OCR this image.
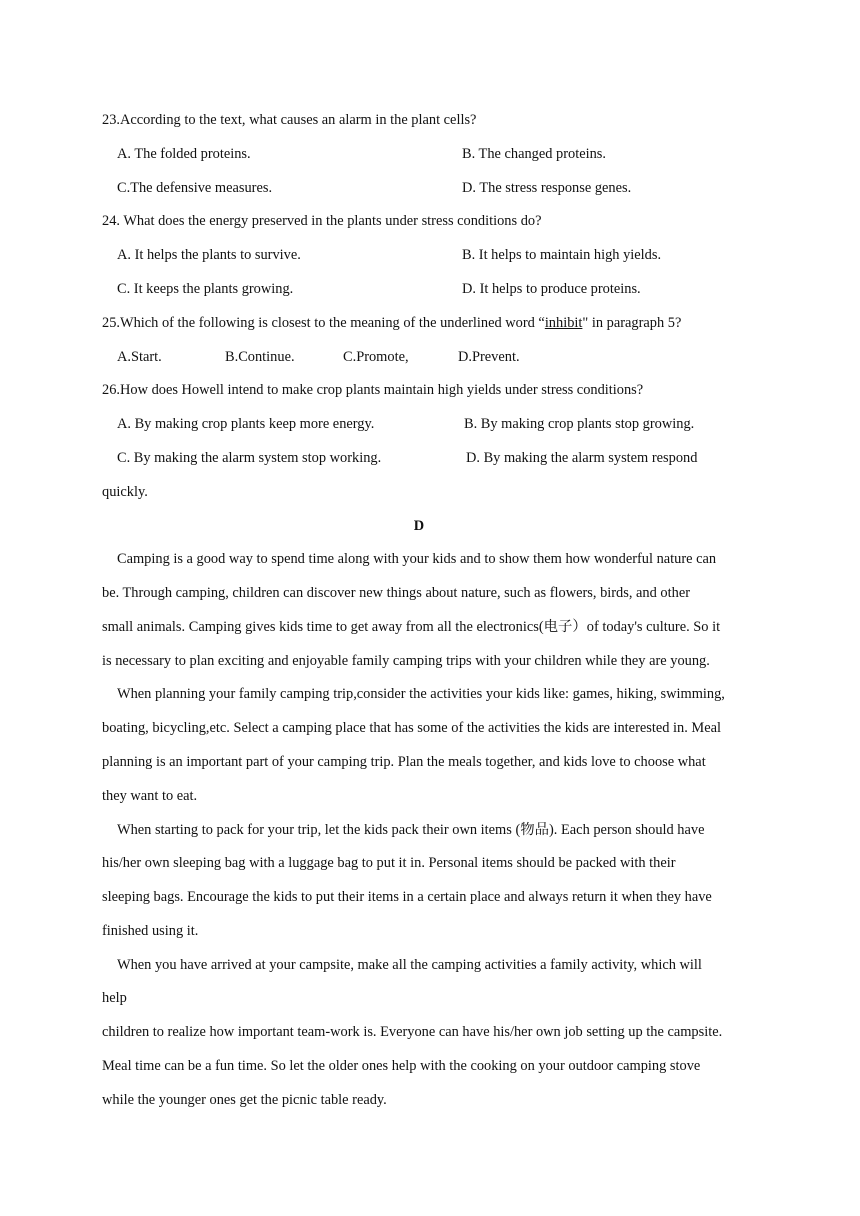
23.According to the text, what causes an alarm in the plant cells?
A. The folded proteins.	B. The changed proteins.
C.The defensive measures.	D. The stress response genes.
24. What does the energy preserved in the plants under stress conditions do?
A. It helps the plants to survive.	B. It helps to maintain high yields.
C. It keeps the plants growing.	D. It helps to produce proteins.
25.Which of the following is closest to the meaning of the underlined word “inhibit" in paragraph 5?
A.Start.	B.Continue.	C.Promote,	D.Prevent.
26.How does Howell intend to make crop plants maintain high yields under stress conditions?
A. By making crop plants keep more energy.	B. By making crop plants stop growing.
C. By making the alarm system stop working.	D. By making the alarm system respond
quickly.
D
Camping is a good way to spend time along with your kids and to show them how wonderful nature can
be. Through camping, children can discover new things about nature, such as flowers, birds, and other
small animals. Camping gives kids time to get away from all the electronics(电子）of today's culture. So it
is necessary to plan exciting and enjoyable family camping trips with your children while they are young.
When planning your family camping trip,consider the activities your kids like: games, hiking, swimming,
boating, bicycling,etc. Select a camping place that has some of the activities the kids are interested in. Meal
planning is an important part of your camping trip. Plan the meals together, and kids love to choose what
they want to eat.
When starting to pack for your trip, let the kids pack their own items (物品). Each person should have
his/her own sleeping bag with a luggage bag to put it in. Personal items should be packed with their
sleeping bags. Encourage the kids to put their items in a certain place and always return it when they have
finished using it.
When you have arrived at your campsite, make all the camping activities a family activity, which will
help
children to realize how important team-work is. Everyone can have his/her own job setting up the campsite.
Meal time can be a fun time. So let the older ones help with the cooking on your outdoor camping stove
while the younger ones get the picnic table ready.
